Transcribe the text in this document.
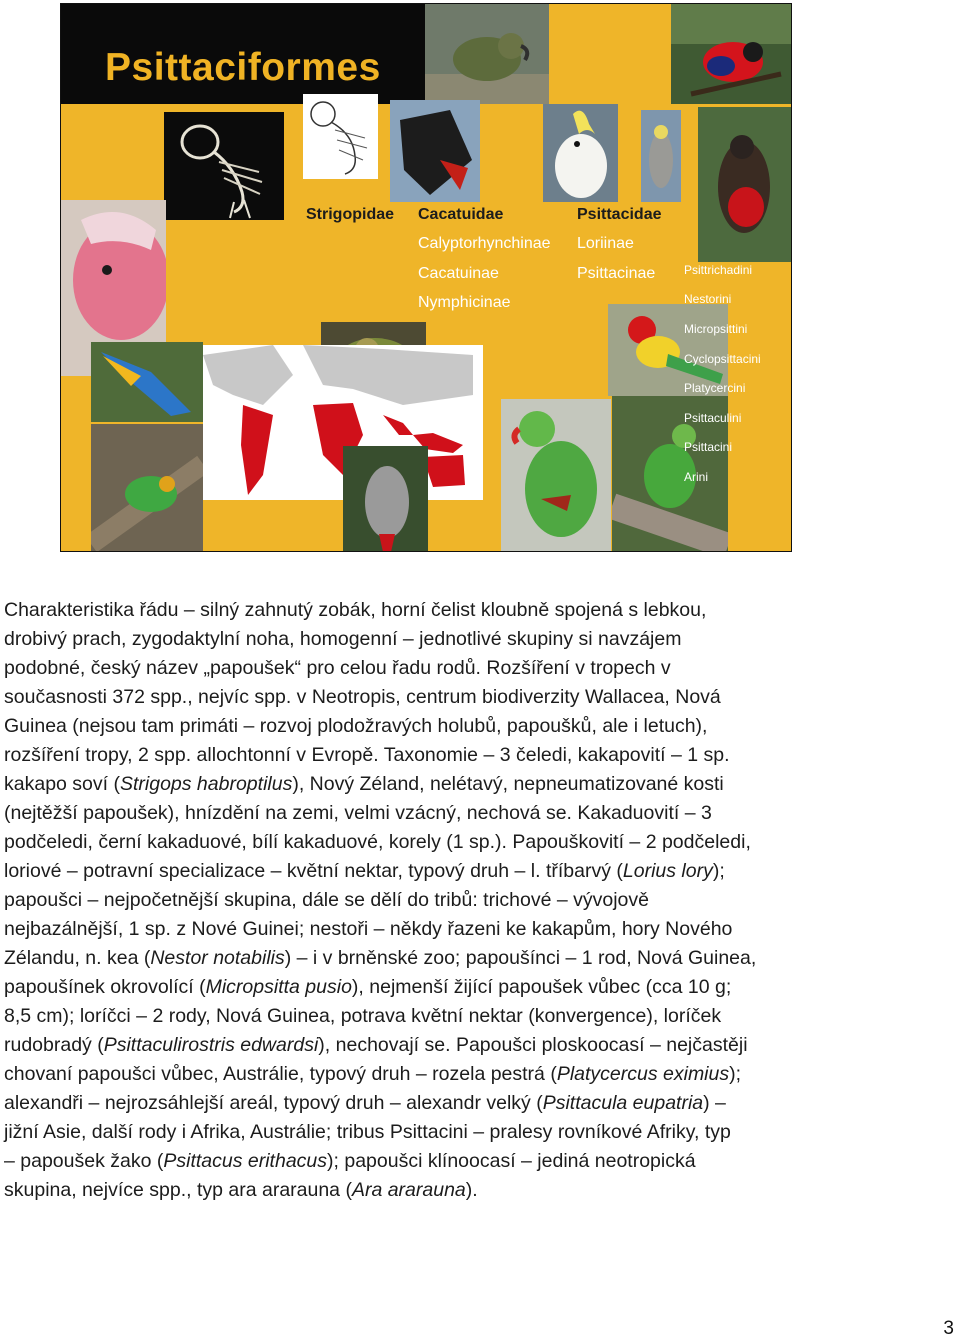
Psittaciformes
Strigopidae Cacatuidae	Psittacidae
Calyptorhynchinae
Cacatuinae
Nymphicinae
Loriinae
Psittacinae Psittrichadini
Nestorini
Micropsittini
Cyclopsittacini
Platycercini
Psittaculini
Psittacini
Arini
Charakteristika řádu – silný zahnutý zobák, horní čelist kloubně spojená s lebkou,
drobivý prach, zygodaktylní noha, homogenní – jednotlivé skupiny si navzájem
podobné, český název „papoušek“ pro celou řadu rodů. Rozšíření v tropech v
současnosti 372 spp., nejvíc spp. v Neotropis, centrum biodiverzity Wallacea, Nová
Guinea (nejsou tam primáti – rozvoj plodožravých holubů, papoušků, ale i letuch),
rozšíření tropy, 2 spp. allochtonní v Evropě. Taxonomie – 3 čeledi, kakapovití – 1 sp.
kakapo soví (Strigops habroptilus), Nový Zéland, nelétavý, nepneumatizované kosti
(nejtěžší papoušek), hnízdění na zemi, velmi vzácný, nechová se. Kakaduovití – 3
podčeledi, černí kakaduové, bílí kakaduové, korely (1 sp.). Papouškovití – 2 podčeledi,
loriové – potravní specializace – květní nektar, typový druh – l. tříbarvý (Lorius lory);
papoušci – nejpočetnější skupina, dále se dělí do tribů: trichové – vývojově
nejbazálnější, 1 sp. z Nové Guinei; nestoři – někdy řazeni ke kakapům, hory Nového
Zélandu, n. kea (Nestor notabilis) – i v brněnské zoo; papoušínci – 1 rod, Nová Guinea,
papoušínek okrovolící (Micropsitta pusio), nejmenší žijící papoušek vůbec (cca 10 g;
8,5 cm); loríčci – 2 rody, Nová Guinea, potrava květní nektar (konvergence), loríček
rudobradý (Psittaculirostris edwardsi), nechovají se. Papoušci ploskoocasí – nejčastěji
chovaní papoušci vůbec, Austrálie, typový druh – rozela pestrá (Platycercus eximius);
alexandři – nejrozsáhlejší areál, typový druh – alexandr velký (Psittacula eupatria) –
jižní Asie, další rody i Afrika, Austrálie; tribus Psittacini – pralesy rovníkové Afriky, typ
– papoušek žako (Psittacus erithacus); papoušci klínoocasí – jediná neotropická
skupina, nejvíce spp., typ ara ararauna (Ara ararauna).
3
